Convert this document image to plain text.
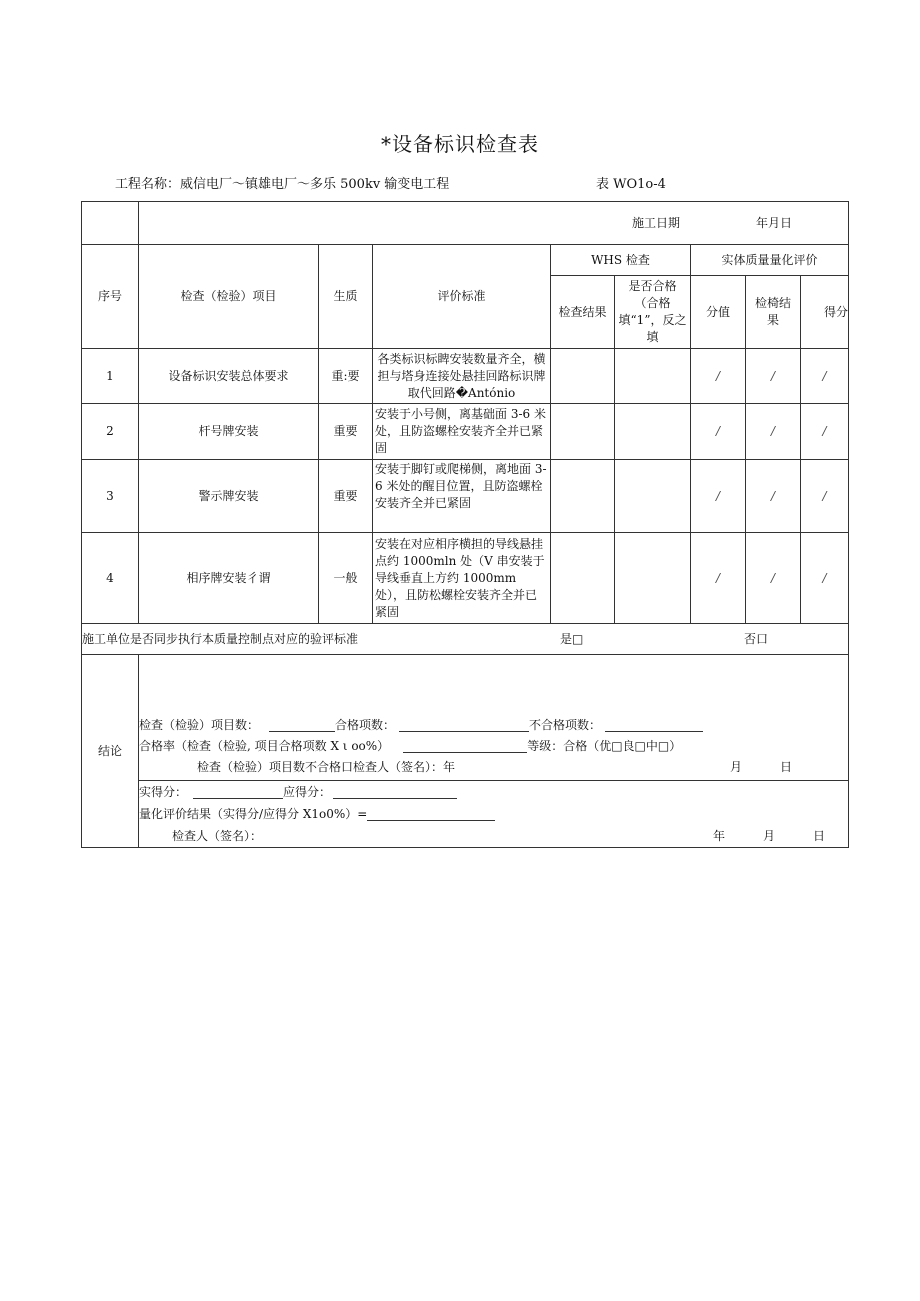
*设备标识检查表
工程名称：威信电厂～镇雄电厂～多乐 500kv 输变电工程	表 WO1o-4

	施工日期 年月日							

序号	检查（检验）项目	生质	评价标准	WHS 检查		实体质量量化评价		
				检查结果	是否合格（合格填“1”，反之填	分值	检椅结果	得分
1	设备标识安装总体要求	重:要	各类标识标睥安装数量齐全，横担与塔身连接处悬挂回路标识牌取代回路�António			/	/	/
2	杆号牌安装	重要	安装于小号侧，离基础面 3-6 米处，且防盗螺栓安装齐全并已紧固			/	/	/
3	警示牌安装	重要	安装于脚钉或爬梯侧，离地面 3-6 米处的醒目位置，且防盗螺栓安装齐全并已紧固			/	/	/
4	相序牌安装彳谓	一般	安装在对应相序横担的导线悬挂点约 1000mln 处（V 串安装于导线垂直上方约 1000mm 处），且防松螺栓安装齐全并已紧固			/	/	/

施工单位是否同步执行本质量控制点对应的验评标准 是□ 否口								

结论	
检查（检验）项目数：	合格项数：	不合格项数：
合格率（检查（检验, 项目合格项数 X ι oo%）	等级：合格（优□良□中□）
检查（检验）项目数不合格口检查人（签名）：年	月	日

实得分：	应得分：
量化评价结果（实得分/应得分 X1o0%）=
检查人（签名）：	年	月	日
